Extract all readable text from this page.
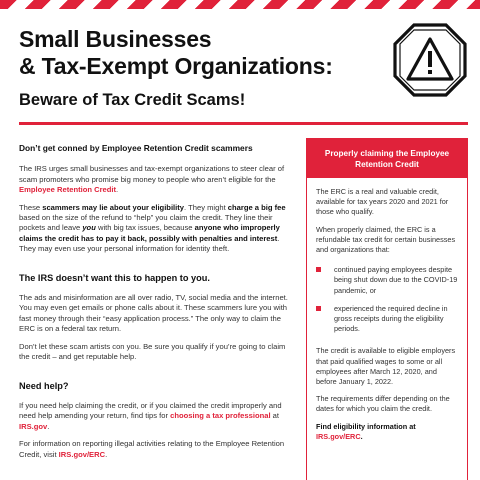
Small Businesses
& Tax-Exempt Organizations:
Beware of Tax Credit Scams!
Don’t get conned by Employee Retention Credit scammers

The IRS urges small businesses and tax-exempt organizations to steer clear of scam promoters who promise big money to people who aren’t eligible for the Employee Retention Credit.

These scammers may lie about your eligibility. They might charge a big fee based on the size of the refund to “help” you claim the credit. They line their pockets and leave you with big tax issues, because anyone who improperly claims the credit has to pay it back, possibly with penalties and interest. They may even use your personal information for identity theft.

The IRS doesn’t want this to happen to you.

The ads and misinformation are all over radio, TV, social media and the internet. You may even get emails or phone calls about it. These scammers lure you with fast money through their “easy application process.” The only way to claim the ERC is on a federal tax return.

Don’t let these scam artists con you. Be sure you qualify if you’re going to claim the credit – and get reputable help.

Need help?

If you need help claiming the credit, or if you claimed the credit improperly and need help amending your return, find tips for choosing a tax professional at IRS.gov.

For information on reporting illegal activities relating to the Employee Retention Credit, visit IRS.gov/ERC.

Properly claiming the Employee Retention Credit

The ERC is a real and valuable credit, available for tax years 2020 and 2021 for those who qualify.

When properly claimed, the ERC is a refundable tax credit for certain businesses and organizations that:

continued paying employees despite being shut down due to the COVID-19 pandemic, or
experienced the required decline in gross receipts during the eligibility periods.

The credit is available to eligible employers that paid qualified wages to some or all employees after March 12, 2020, and before January 1, 2022.

The requirements differ depending on the dates for which you claim the credit.

Find eligibility information at IRS.gov/ERC.
